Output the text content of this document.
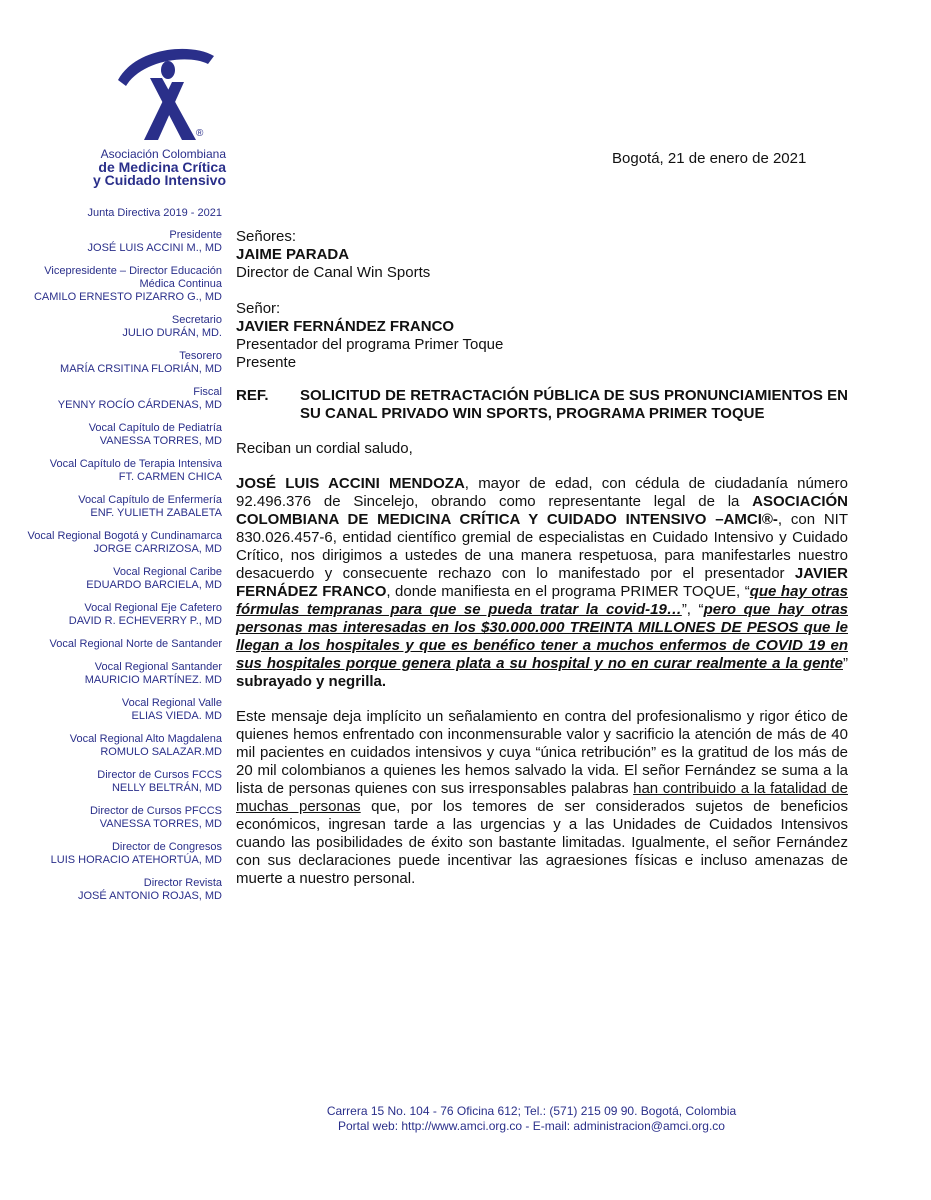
®
Asociación Colombiana
de Medicina Crítica
y Cuidado Intensivo
Bogotá, 21 de enero de 2021
Junta Directiva 2019 - 2021
Presidente
JOSÉ LUIS ACCINI M., MD
Vicepresidente – Director Educación Médica Continua
CAMILO ERNESTO PIZARRO G., MD
Secretario
JULIO DURÁN, MD.
Tesorero
MARÍA CRSITINA FLORIÁN, MD
Fiscal
YENNY ROCÍO CÁRDENAS, MD
Vocal Capítulo de Pediatría
VANESSA TORRES, MD
Vocal Capítulo de Terapia Intensiva
FT. CARMEN CHICA
Vocal Capítulo de Enfermería
ENF. YULIETH ZABALETA
Vocal Regional Bogotá y Cundinamarca
JORGE CARRIZOSA, MD
Vocal Regional Caribe
EDUARDO BARCIELA, MD
Vocal Regional Eje Cafetero
DAVID R. ECHEVERRY P., MD
Vocal Regional Norte de Santander
Vocal Regional Santander
MAURICIO MARTÍNEZ. MD
Vocal Regional Valle
ELIAS VIEDA. MD
Vocal Regional Alto Magdalena
ROMULO SALAZAR.MD
Director de Cursos FCCS
NELLY BELTRÁN, MD
Director de Cursos PFCCS
VANESSA TORRES, MD
Director de Congresos
LUIS HORACIO ATEHORTÚA, MD
Director Revista
JOSÉ ANTONIO ROJAS, MD
Señores:
JAIME PARADA
Director de Canal Win Sports
Señor:
JAVIER FERNÁNDEZ FRANCO
Presentador del programa Primer Toque
Presente
REF.	SOLICITUD DE RETRACTACIÓN PÚBLICA DE SUS PRONUNCIAMIENTOS EN SU CANAL PRIVADO WIN SPORTS, PROGRAMA PRIMER TOQUE
Reciban un cordial saludo,

JOSÉ LUIS ACCINI MENDOZA, mayor de edad, con cédula de ciudadanía número 92.496.376 de Sincelejo, obrando como representante legal de la ASOCIACIÓN COLOMBIANA DE MEDICINA CRÍTICA Y CUIDADO INTENSIVO –AMCI®-, con NIT 830.026.457-6, entidad científico gremial de especialistas en Cuidado Intensivo y Cuidado Crítico, nos dirigimos a ustedes de una manera respetuosa, para manifestarles nuestro desacuerdo y consecuente rechazo con lo manifestado por el presentador JAVIER FERNÁDEZ FRANCO, donde manifiesta en el programa PRIMER TOQUE, “que hay otras fórmulas tempranas para que se pueda tratar la covid-19…”, “pero que hay otras personas mas interesadas en los $30.000.000 TREINTA MILLONES DE PESOS que le llegan a los hospitales y que es benéfico tener a muchos enfermos de COVID 19 en sus hospitales porque genera plata a su hospital y no en curar realmente a la gente” subrayado y negrilla.

Este mensaje deja implícito un señalamiento en contra del profesionalismo y rigor ético de quienes hemos enfrentado con inconmensurable valor y sacrificio la atención de más de 40 mil pacientes en cuidados intensivos y cuya “única retribución” es la gratitud de los más de 20 mil colombianos a quienes les hemos salvado la vida. El señor Fernández se suma a la lista de personas quienes con sus irresponsables palabras han contribuido a la fatalidad de muchas personas que, por los temores de ser considerados sujetos de beneficios económicos, ingresan tarde a las urgencias y a las Unidades de Cuidados Intensivos cuando las posibilidades de éxito son bastante limitadas. Igualmente, el señor Fernández con sus declaraciones puede incentivar las agraesiones físicas e incluso amenazas de muerte a nuestro personal.

Carrera 15 No. 104 - 76 Oficina 612; Tel.: (571) 215 09 90. Bogotá, Colombia
Portal web: http://www.amci.org.co - E-mail: administracion@amci.org.co
